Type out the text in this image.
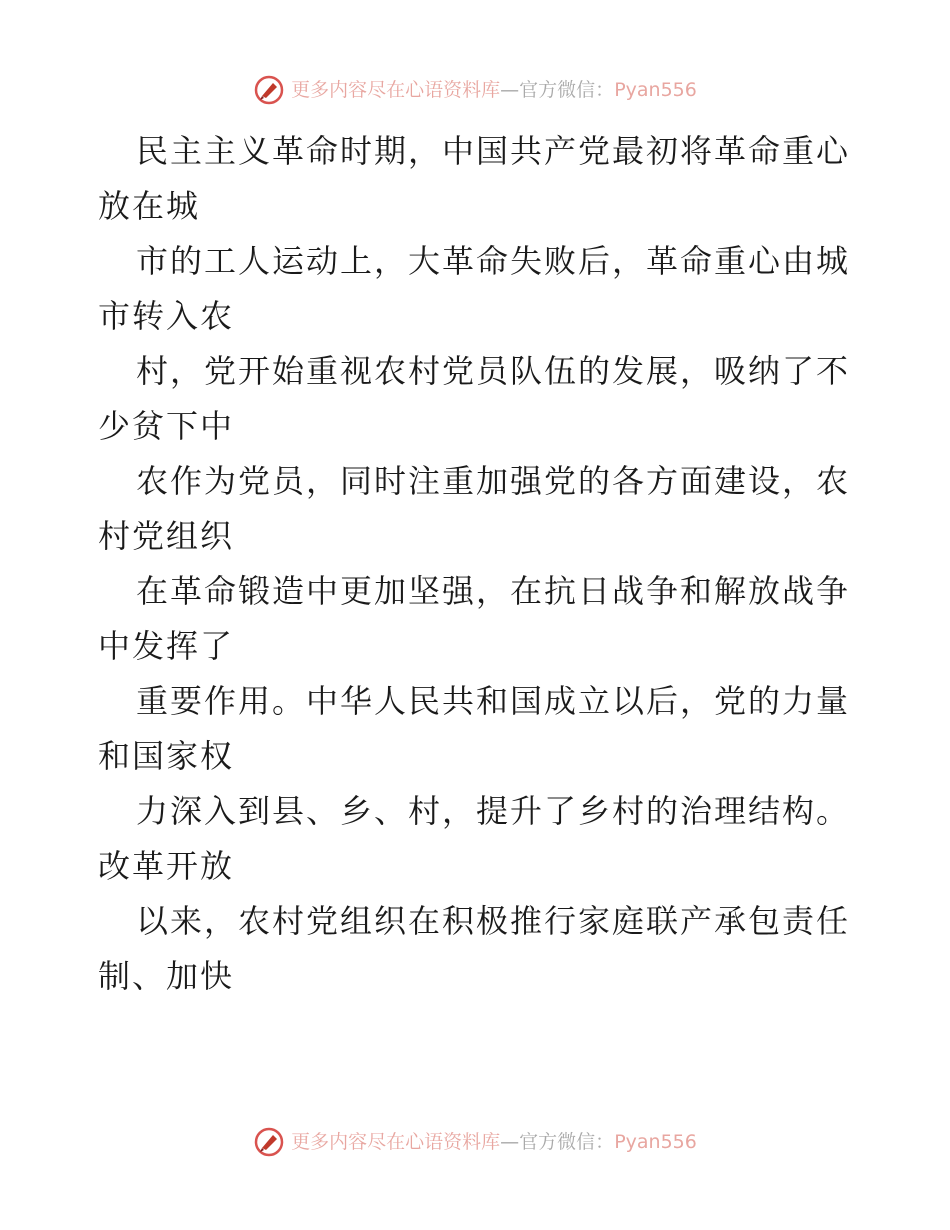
更多内容尽在心语资料库—官方微信：Pyan556
民主主义革命时期，中国共产党最初将革命重心
放在城
市的工人运动上，大革命失败后，革命重心由城
市转入农
村，党开始重视农村党员队伍的发展，吸纳了不
少贫下中
农作为党员，同时注重加强党的各方面建设，农
村党组织
在革命锻造中更加坚强，在抗日战争和解放战争
中发挥了
重要作用。中华人民共和国成立以后，党的力量
和国家权
力深入到县、乡、村，提升了乡村的治理结构。
改革开放
以来，农村党组织在积极推行家庭联产承包责任
制、加快
更多内容尽在心语资料库—官方微信：Pyan556
